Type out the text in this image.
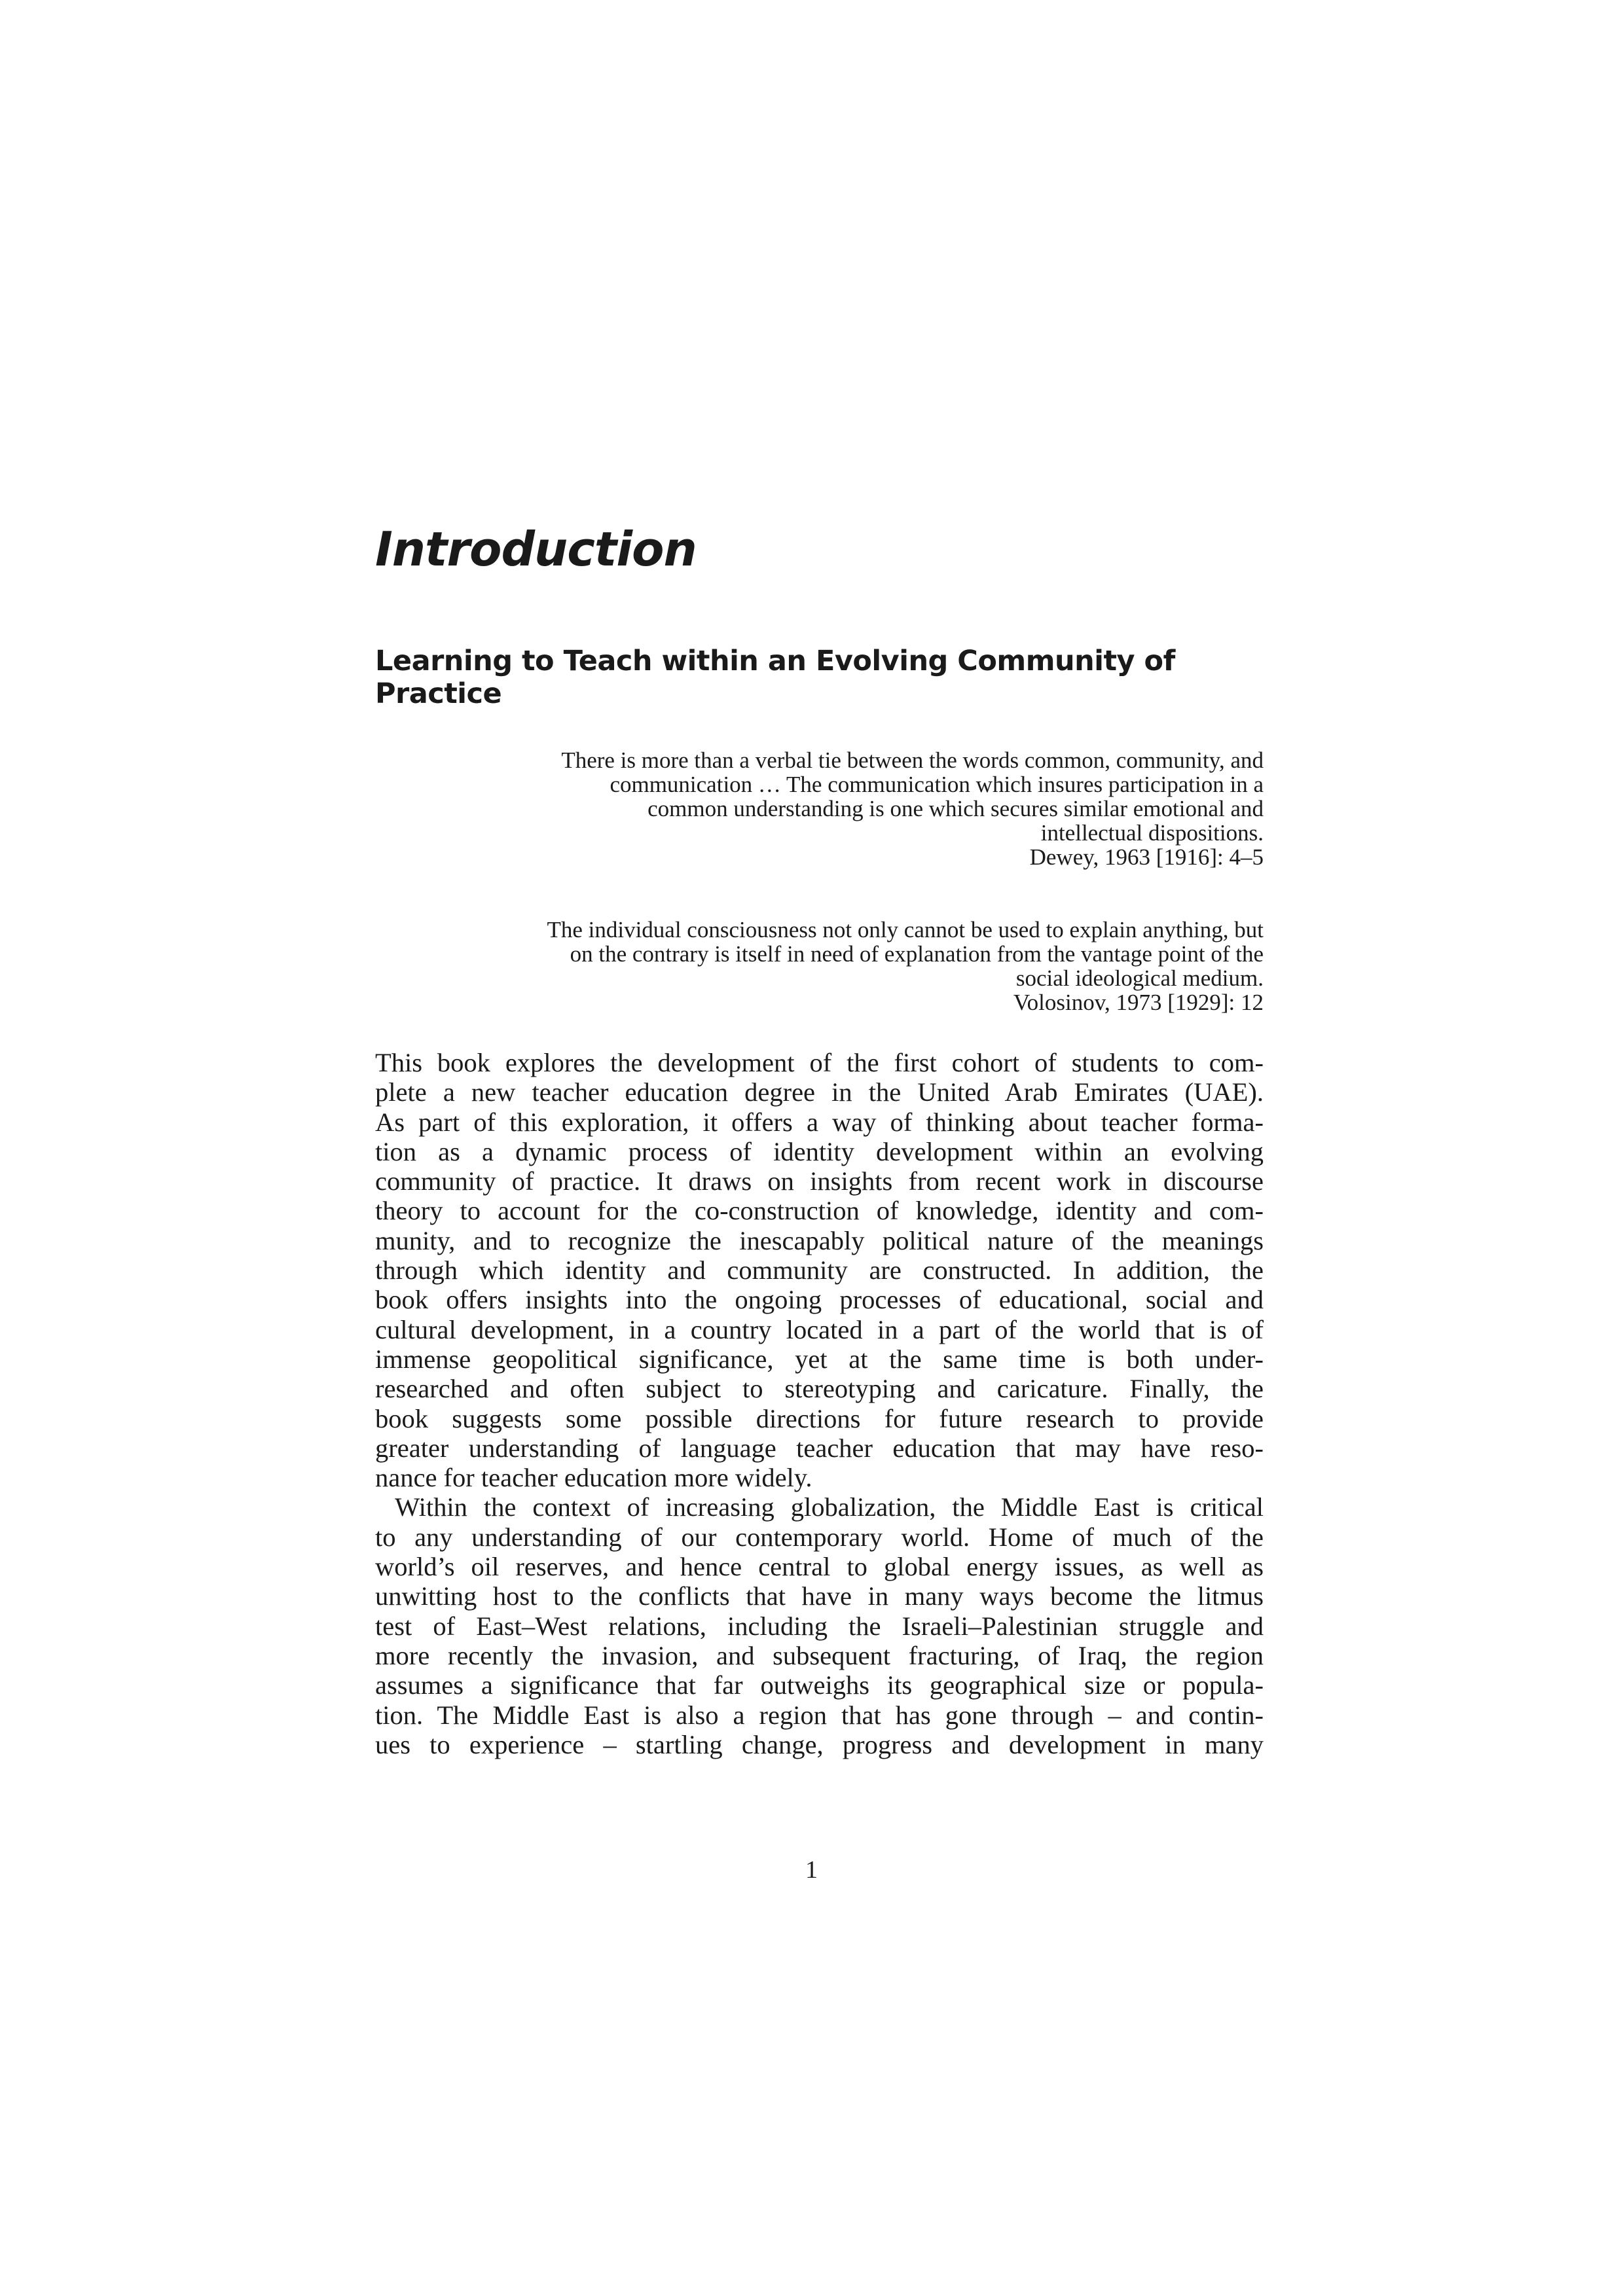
Introduction
Learning to Teach within an Evolving Community of Practice
There is more than a verbal tie between the words common, community, and
communication … The communication which insures participation in a
common understanding is one which secures similar emotional and
intellectual dispositions.
Dewey, 1963 [1916]: 4–5
The individual consciousness not only cannot be used to explain anything, but
on the contrary is itself in need of explanation from the vantage point of the
social ideological medium.
Volosinov, 1973 [1929]: 12

This book explores the development of the first cohort of students to com-
plete a new teacher education degree in the United Arab Emirates (UAE).
As part of this exploration, it offers a way of thinking about teacher forma-
tion as a dynamic process of identity development within an evolving
community of practice. It draws on insights from recent work in discourse
theory to account for the co-construction of knowledge, identity and com-
munity, and to recognize the inescapably political nature of the meanings
through which identity and community are constructed. In addition, the
book offers insights into the ongoing processes of educational, social and
cultural development, in a country located in a part of the world that is of
immense geopolitical significance, yet at the same time is both under-
researched and often subject to stereotyping and caricature. Finally, the
book suggests some possible directions for future research to provide
greater understanding of language teacher education that may have reso-
nance for teacher education more widely.

Within the context of increasing globalization, the Middle East is critical
to any understanding of our contemporary world. Home of much of the
world’s oil reserves, and hence central to global energy issues, as well as
unwitting host to the conflicts that have in many ways become the litmus
test of East–West relations, including the Israeli–Palestinian struggle and
more recently the invasion, and subsequent fracturing, of Iraq, the region
assumes a significance that far outweighs its geographical size or popula-
tion. The Middle East is also a region that has gone through – and contin-
ues to experience – startling change, progress and development in many

1
